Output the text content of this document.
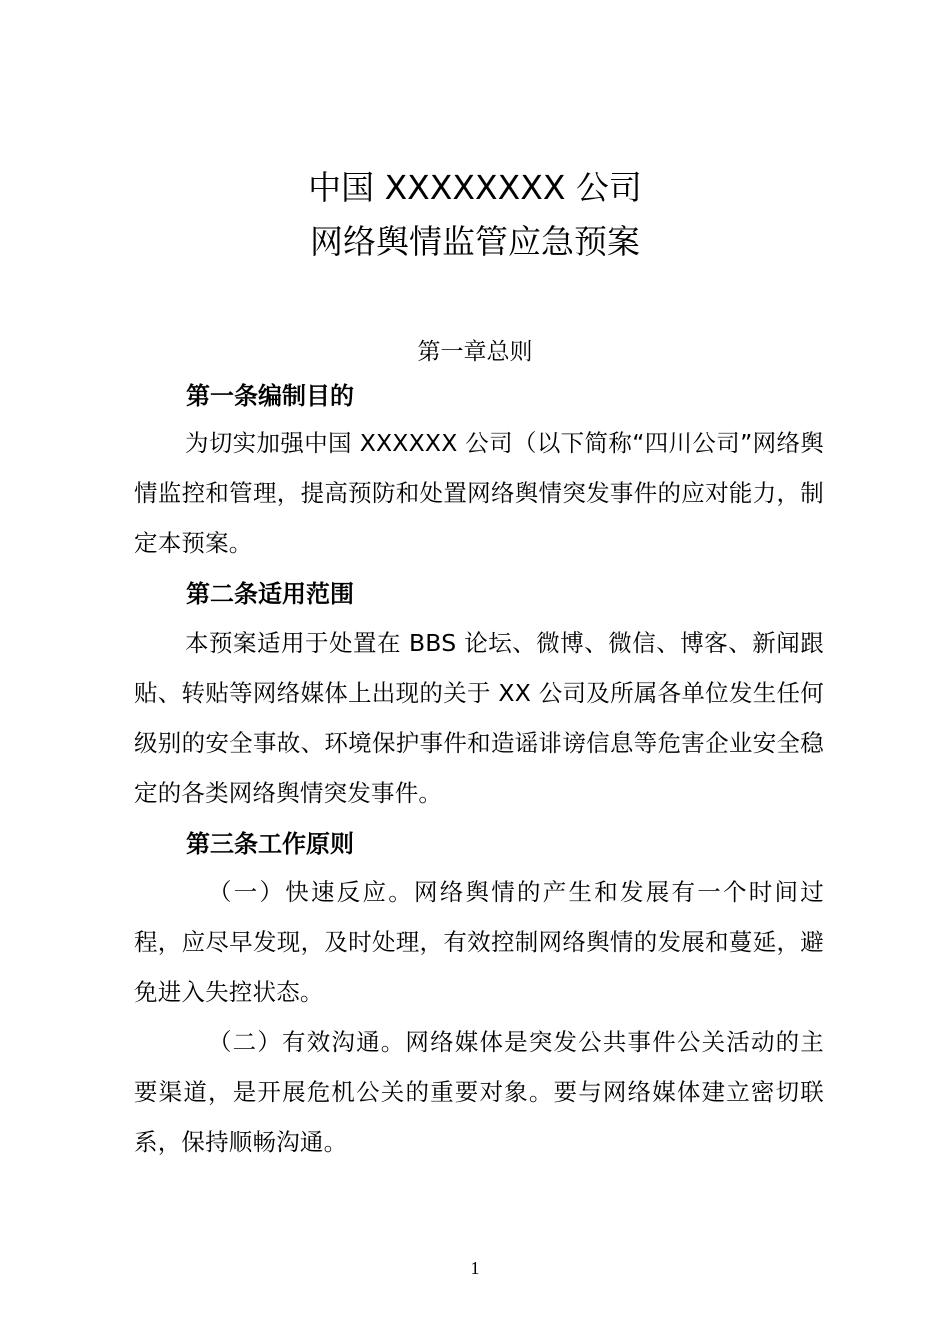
中国 XXXXXXXX 公司
网络舆情监管应急预案
第一章总则
第一条编制目的
为切实加强中国 XXXXXX 公司（以下简称“四川公司”网络舆情监控和管理，提高预防和处置网络舆情突发事件的应对能力，制定本预案。
第二条适用范围
本预案适用于处置在 BBS 论坛、微博、微信、博客、新闻跟贴、转贴等网络媒体上出现的关于 XX 公司及所属各单位发生任何级别的安全事故、环境保护事件和造谣诽谤信息等危害企业安全稳定的各类网络舆情突发事件。
第三条工作原则
（一）快速反应。网络舆情的产生和发展有一个时间过程，应尽早发现，及时处理，有效控制网络舆情的发展和蔓延，避免进入失控状态。
（二）有效沟通。网络媒体是突发公共事件公关活动的主要渠道，是开展危机公关的重要对象。要与网络媒体建立密切联系，保持顺畅沟通。
1
